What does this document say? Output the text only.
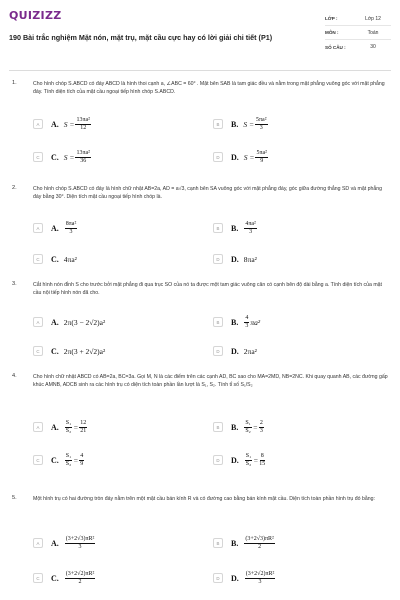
QUIZIZZ
190 Bài trắc nghiệm Mặt nón, mặt trụ, mặt cầu cực hay có lời giải chi tiết (P1)
LỚP :	Lớp 12
MÔN :	Toán
SỐ CÂU :	30
1.	Cho hình chóp S.ABCD có đáy ABCD là hình thoi cạnh a, ∠ABC = 60° . Mặt bên SAB là tam giác đều và nằm trong mặt phẳng vuông góc với mặt phẳng đáy. Tính diện tích của mặt cầu ngoại tiếp hình chóp S.ABCD.
A	A. $S = \frac{\text{13πa²}}{12}$	B	B. $S = \frac{\text{5πa²}}{3}$
C	C. $S = \frac{\text{13πa²}}{36}$	D	D. $S = \frac{\text{5πa²}}{9}$
2.	Cho hình chóp S.ABCD có đáy là hình chữ nhật AB=2a, AD = a√3, cạnh bên SA vuông góc với mặt phẳng đáy, góc giữa đường thẳng SD và mặt phẳng đáy bằng 30°. Diện tích mặt cầu ngoại tiếp hình chóp là.
A	A. $\frac{\text{8πa²}}{3}$	B	B. $\frac{\text{4πa²}}{3}$
C	C. 4πa²	D	D. 8πa²
3.	Cắt hình nón đỉnh S cho trước bởi mặt phẳng đi qua trục SO của nó ta được một tam giác vuông cân có cạnh bên độ dài bằng a. Tính diện tích của mặt cầu nội tiếp hình nón đã cho.
A	A. 2π(3 − 2√2)a²	B	B. $\frac{4}{3} \pi a^2$
C	C. 2π(3 + 2√2)a²	D	D. 2πa²
4.	Cho hình chữ nhật ABCD có AB=2a, BC=3a. Gọi M, N là các điểm trên các cạnh AD, BC sao cho MA=2MD, NB=2NC. Khi quay quanh AB, các đường gấp khúc AMNB, ADCB sinh ra các hình trụ có diện tích toàn phần lần lượt là S₁, S₂. Tính tỉ số S₁/S₂
A	A. $\frac{\text{S₁}}{\text{S₂}} = \frac{12}{21}$	B	B. $\frac{\text{S₁}}{\text{S₂}} = \frac{2}{3}$
C	C. $\frac{\text{S₁}}{\text{S₂}} = \frac{4}{9}$	D	D. $\frac{\text{S₁}}{\text{S₂}} = \frac{8}{15}$
5.	Một hình trụ có hai đường tròn đáy nằm trên một mặt cầu bán kính R và có đường cao bằng bán kính mặt cầu. Diện tích toàn phần hình trụ đó bằng:
A	A. $\frac{\text{(3+2√3)πR²}}{3}$	B	B. $\frac{\text{(3+2√3)πR²}}{2}$
C	C. $\frac{\text{(3+2√2)πR²}}{2}$	D	D. $\frac{\text{(3+2√2)πR²}}{3}$
